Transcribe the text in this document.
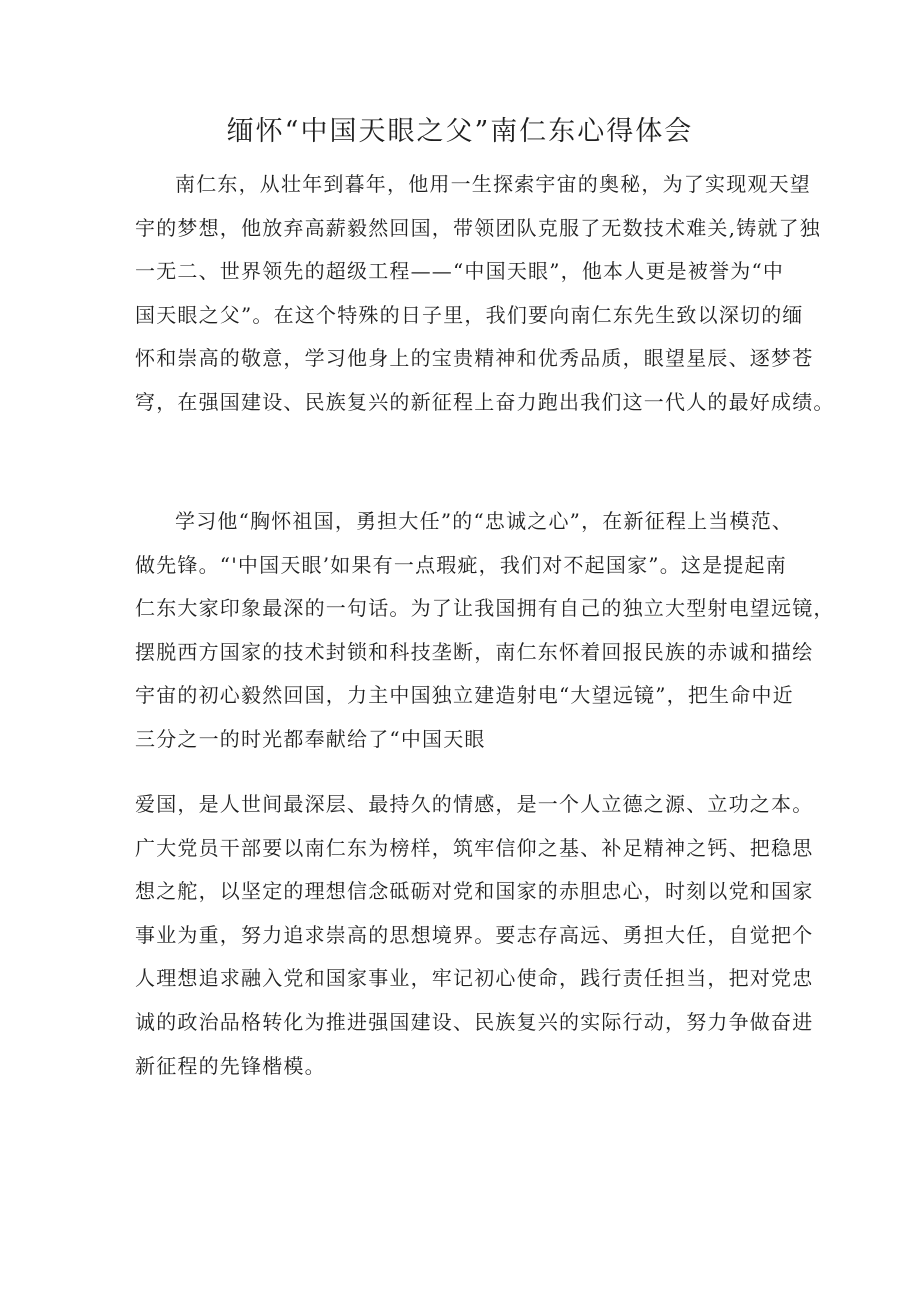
缅怀“中国天眼之父”南仁东心得体会
南仁东，从壮年到暮年，他用一生探索宇宙的奥秘，为了实现观天望
宇的梦想，他放弃高薪毅然回国，带领团队克服了无数技术难关,铸就了独
一无二、世界领先的超级工程——“中国天眼”，他本人更是被誉为“中
国天眼之父”。在这个特殊的日子里，我们要向南仁东先生致以深切的缅
怀和崇高的敬意，学习他身上的宝贵精神和优秀品质，眼望星辰、逐梦苍
穹，在强国建设、民族复兴的新征程上奋力跑出我们这一代人的最好成绩。
学习他“胸怀祖国，勇担大任”的“忠诚之心”，在新征程上当模范、
做先锋。“'中国天眼’如果有一点瑕疵，我们对不起国家”。这是提起南
仁东大家印象最深的一句话。为了让我国拥有自己的独立大型射电望远镜，
摆脱西方国家的技术封锁和科技垄断，南仁东怀着回报民族的赤诚和描绘
宇宙的初心毅然回国，力主中国独立建造射电“大望远镜”，把生命中近
三分之一的时光都奉献给了“中国天眼
爱国，是人世间最深层、最持久的情感，是一个人立德之源、立功之本。
广大党员干部要以南仁东为榜样，筑牢信仰之基、补足精神之钙、把稳思
想之舵，以坚定的理想信念砥砺对党和国家的赤胆忠心，时刻以党和国家
事业为重，努力追求崇高的思想境界。要志存高远、勇担大任，自觉把个
人理想追求融入党和国家事业，牢记初心使命，践行责任担当，把对党忠
诚的政治品格转化为推进强国建设、民族复兴的实际行动，努力争做奋进
新征程的先锋楷模。
